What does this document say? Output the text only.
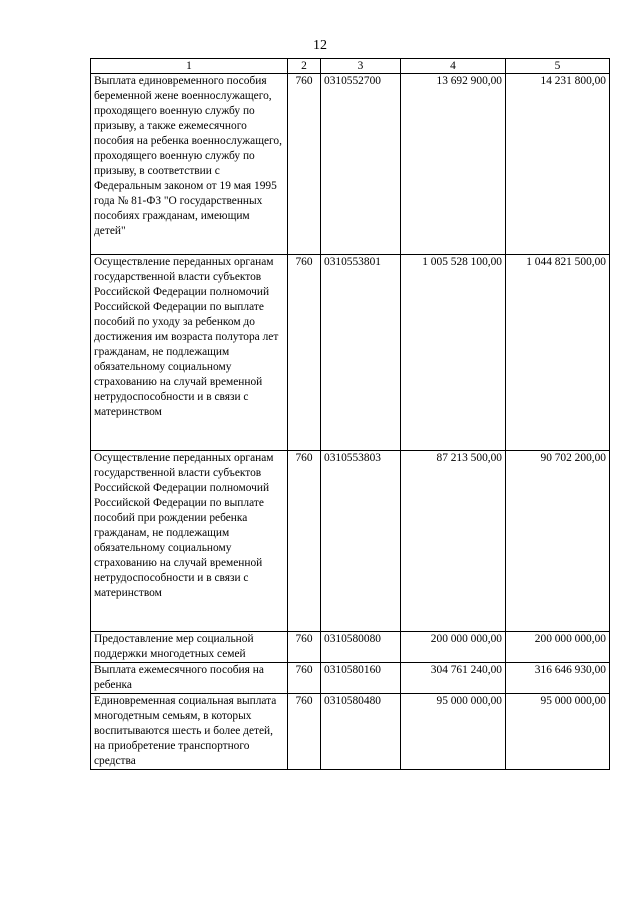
12
1	2	3	4	5
Выплата единовременного пособия беременной жене военнослужащего, проходящего военную службу по призыву, а также ежемесячного пособия на ребенка военнослужащего, проходящего военную службу по призыву, в соответствии с Федеральным законом от 19 мая 1995 года № 81-ФЗ "О государственных пособиях гражданам, имеющим детей"	760	0310552700	13 692 900,00	14 231 800,00
Осуществление переданных органам государственной власти субъектов Российской Федерации полномочий Российской Федерации по выплате пособий по уходу за ребенком до достижения им возраста полутора лет гражданам, не подлежащим обязательному социальному страхованию на случай временной нетрудоспособности и в связи с материнством	760	0310553801	1 005 528 100,00	1 044 821 500,00
Осуществление переданных органам государственной власти субъектов Российской Федерации полномочий Российской Федерации по выплате пособий при рождении ребенка гражданам, не подлежащим обязательному социальному страхованию на случай временной нетрудоспособности и в связи с материнством	760	0310553803	87 213 500,00	90 702 200,00
Предоставление мер социальной поддержки многодетных семей	760	0310580080	200 000 000,00	200 000 000,00
Выплата ежемесячного пособия на ребенка	760	0310580160	304 761 240,00	316 646 930,00
Единовременная социальная выплата многодетным семьям, в которых воспитываются шесть и более детей, на приобретение транспортного средства	760	0310580480	95 000 000,00	95 000 000,00
